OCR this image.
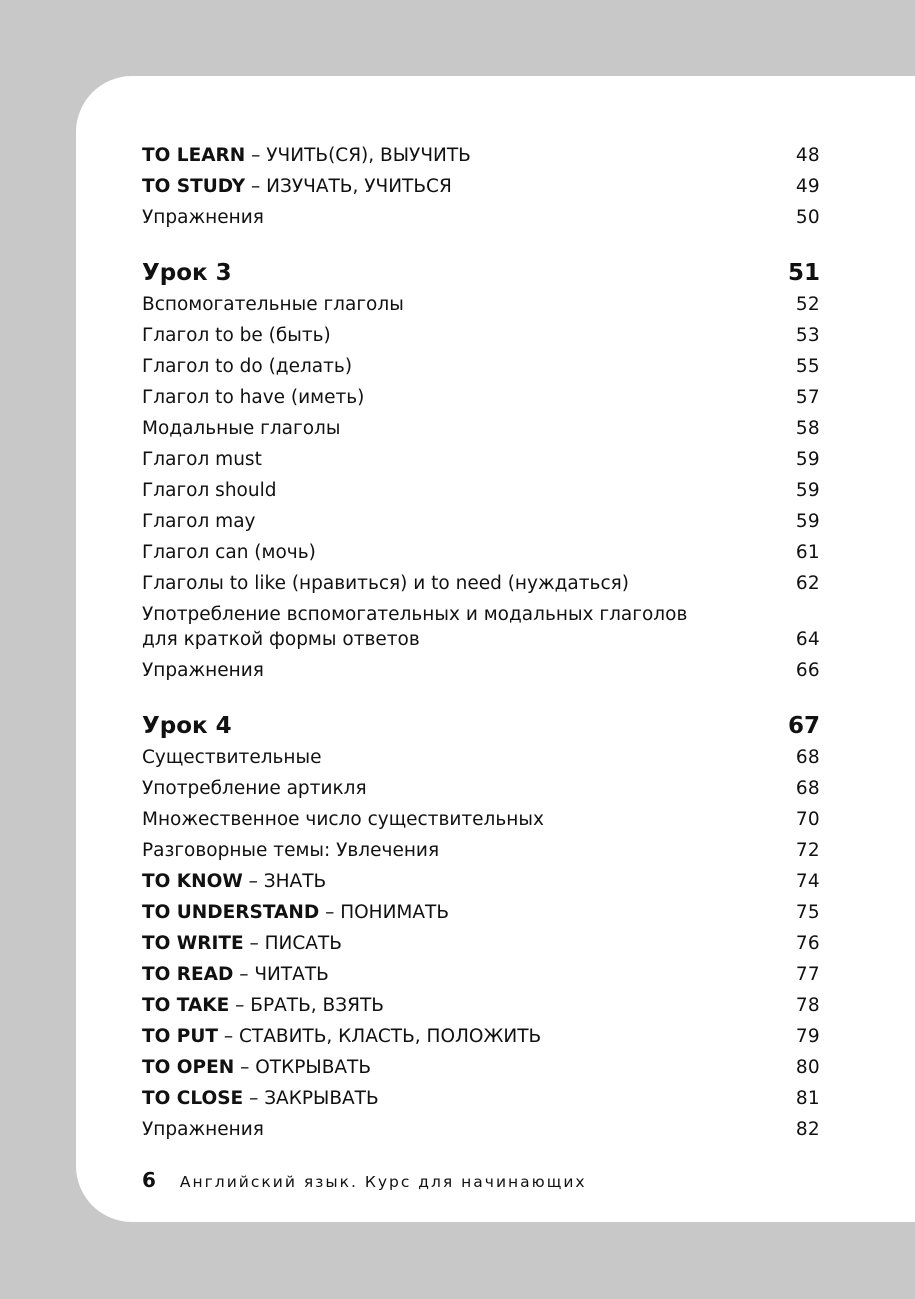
TO LEARN – УЧИТЬ(СЯ), ВЫУЧИТЬ	48
TO STUDY – ИЗУЧАТЬ, УЧИТЬСЯ	49
Упражнения	50
Урок 3	51
Вспомогательные глаголы	52
Глагол to be (быть)	53
Глагол to do (делать)	55
Глагол to have (иметь)	57
Модальные глаголы	58
Глагол must	59
Глагол should	59
Глагол may	59
Глагол can (мочь)	61
Глаголы to like (нравиться) и to need (нуждаться)	62
Употребление вспомогательных и модальных глаголов
для краткой формы ответов	64
Упражнения	66
Урок 4	67
Существительные	68
Употребление артикля	68
Множественное число существительных	70
Разговорные темы: Увлечения	72
TO KNOW – ЗНАТЬ	74
TO UNDERSTAND – ПОНИМАТЬ	75
TO WRITE – ПИСАТЬ	76
TO READ – ЧИТАТЬ	77
TO TAKE – БРАТЬ, ВЗЯТЬ	78
TO PUT – СТАВИТЬ, КЛАСТЬ, ПОЛОЖИТЬ	79
TO OPEN – ОТКРЫВАТЬ	80
TO CLOSE – ЗАКРЫВАТЬ	81
Упражнения	82
6 Английский язык. Курс для начинающих
